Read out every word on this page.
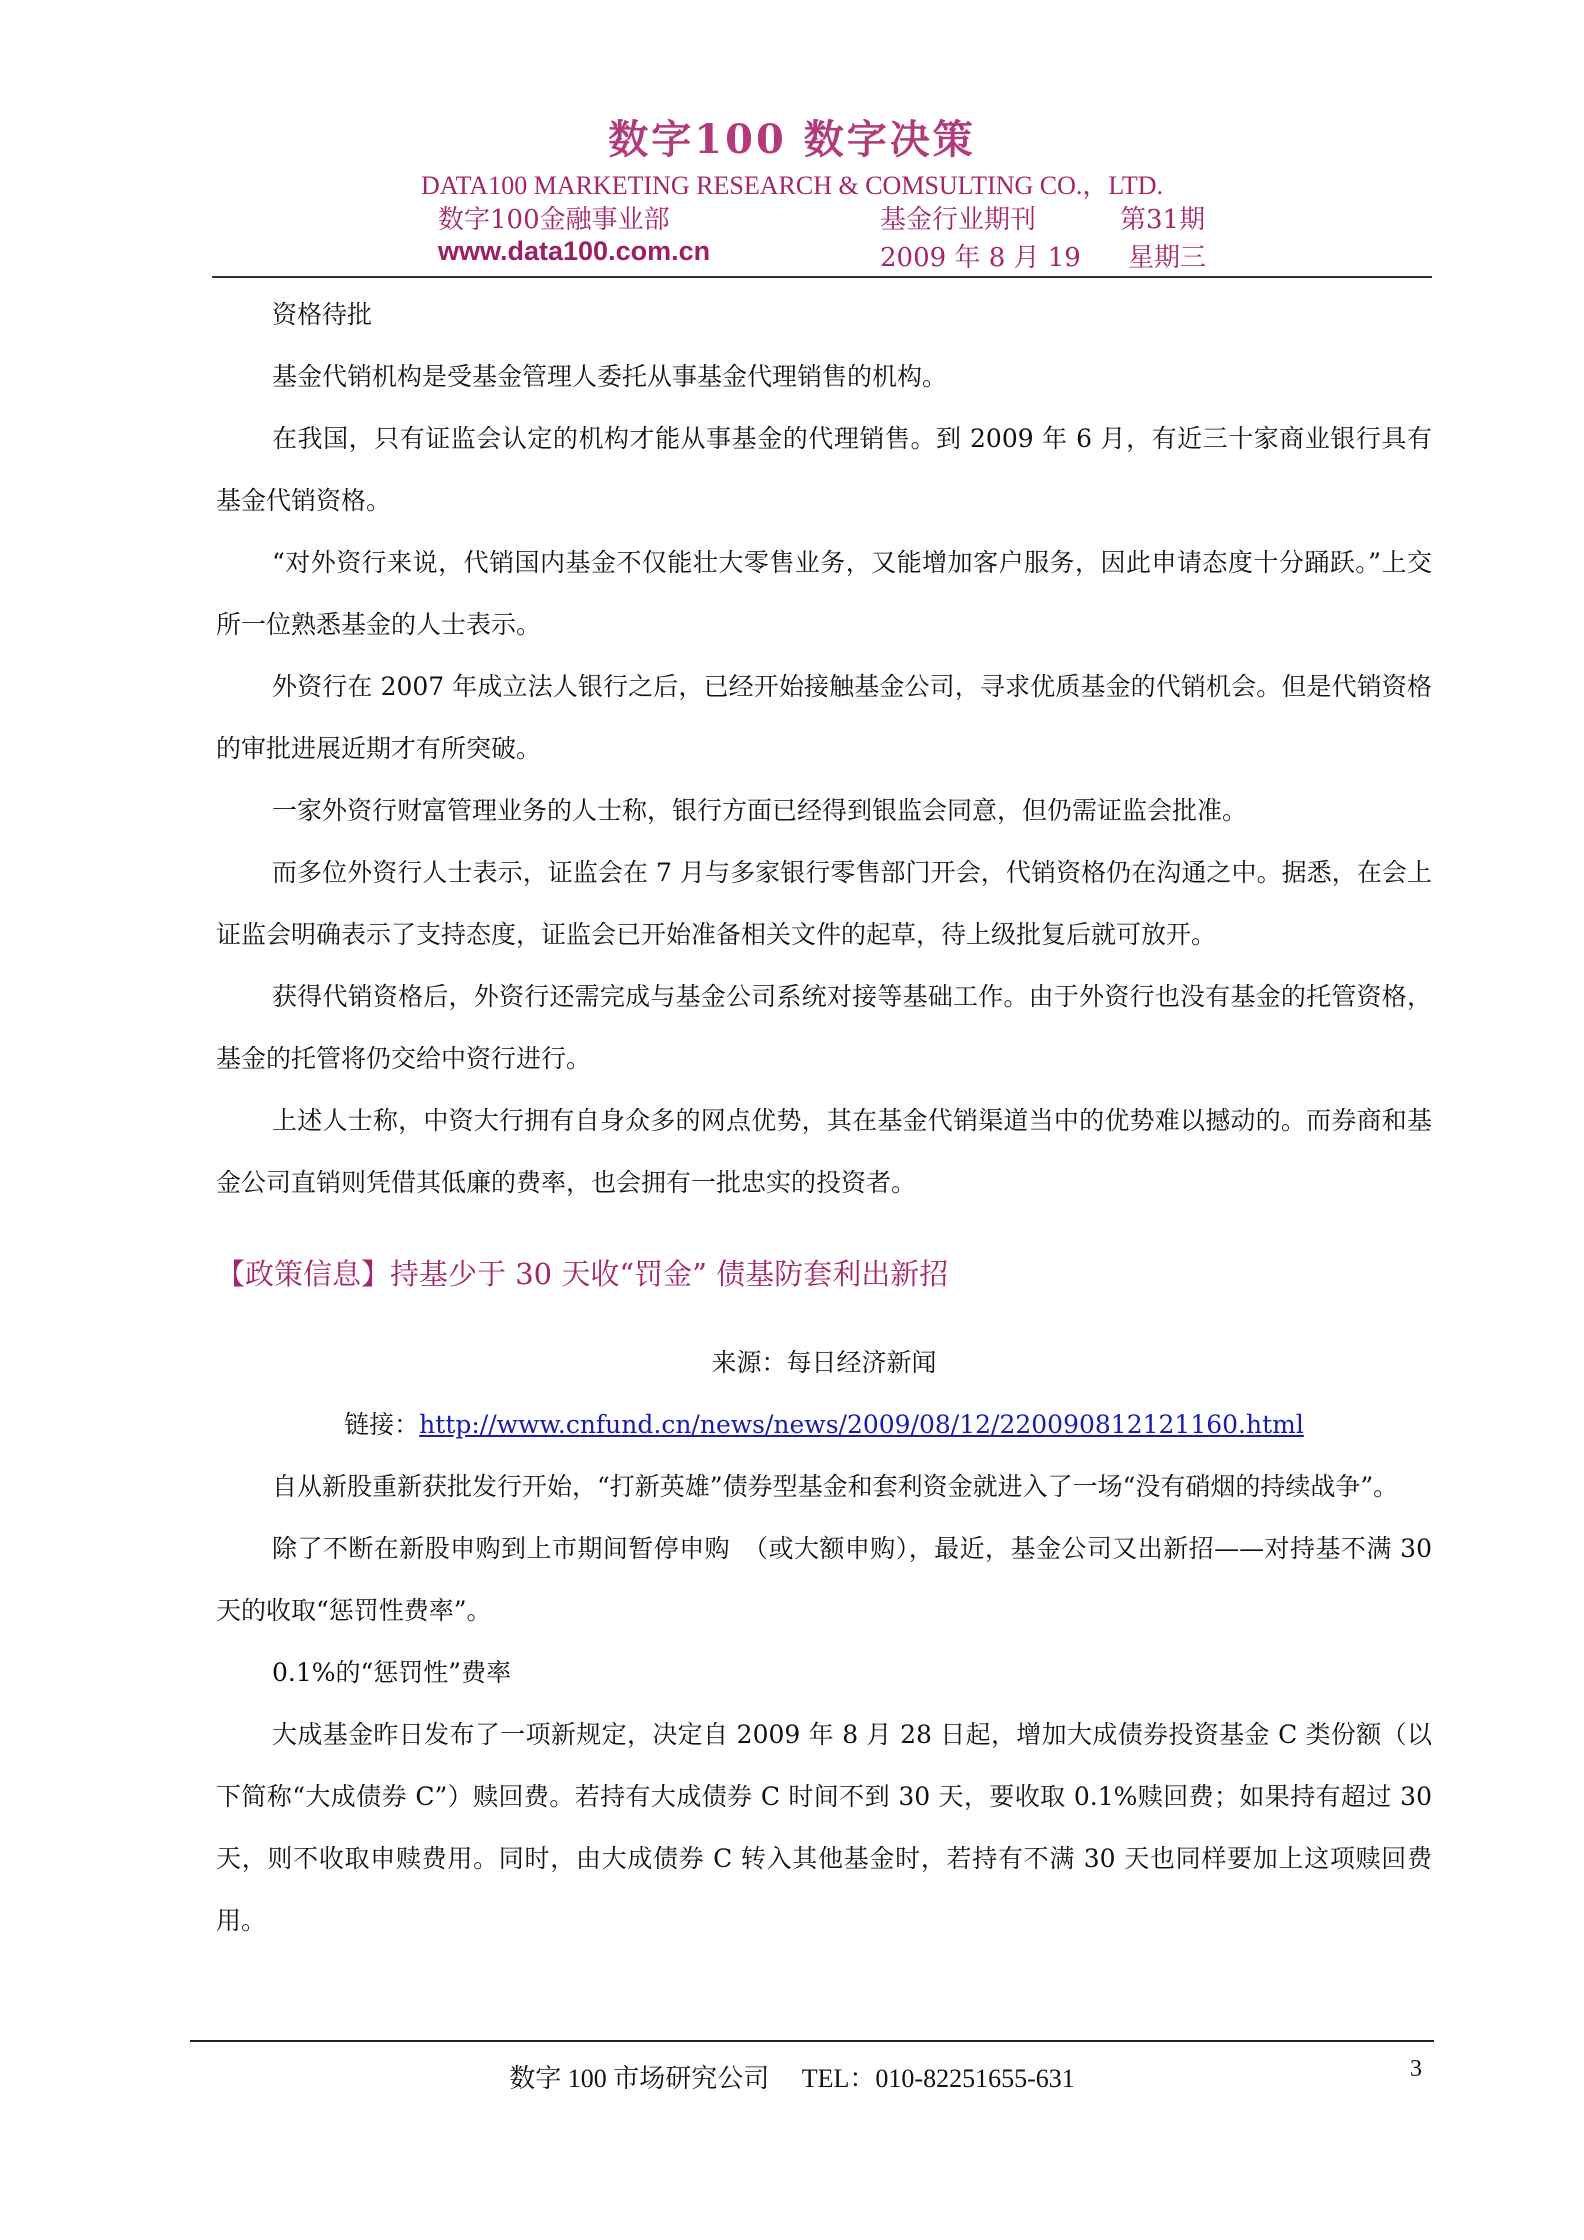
数字100 数字决策
DATA100 MARKETING RESEARCH & COMSULTING CO.，LTD.
数字100金融事业部	基金行业期刊	第31期
www.data100.com.cn	2009 年 8 月 19 星期三

资格待批

基金代销机构是受基金管理人委托从事基金代理销售的机构。

在我国，只有证监会认定的机构才能从事基金的代理销售。到 2009 年 6 月，有近三十家商业银行具有基金代销资格。

“对外资行来说，代销国内基金不仅能壮大零售业务，又能增加客户服务，因此申请态度十分踊跃。”上交所一位熟悉基金的人士表示。

外资行在 2007 年成立法人银行之后，已经开始接触基金公司，寻求优质基金的代销机会。但是代销资格的审批进展近期才有所突破。

一家外资行财富管理业务的人士称，银行方面已经得到银监会同意，但仍需证监会批准。

而多位外资行人士表示，证监会在 7 月与多家银行零售部门开会，代销资格仍在沟通之中。据悉，在会上证监会明确表示了支持态度，证监会已开始准备相关文件的起草，待上级批复后就可放开。

获得代销资格后，外资行还需完成与基金公司系统对接等基础工作。由于外资行也没有基金的托管资格，基金的托管将仍交给中资行进行。

上述人士称，中资大行拥有自身众多的网点优势，其在基金代销渠道当中的优势难以撼动的。而券商和基金公司直销则凭借其低廉的费率，也会拥有一批忠实的投资者。

【政策信息】持基少于 30 天收“罚金” 债基防套利出新招

来源：每日经济新闻

链接：http://www.cnfund.cn/news/news/2009/08/12/220090812121160.html

自从新股重新获批发行开始，“打新英雄”债券型基金和套利资金就进入了一场“没有硝烟的持续战争”。

除了不断在新股申购到上市期间暂停申购　（或大额申购），最近，基金公司又出新招——对持基不满 30 天的收取“惩罚性费率”。

0.1%的“惩罚性”费率

大成基金昨日发布了一项新规定，决定自 2009 年 8 月 28 日起，增加大成债券投资基金 C 类份额（以下简称“大成债券 C”）赎回费。若持有大成债券 C 时间不到 30 天，要收取 0.1%赎回费；如果持有超过 30 天，则不收取申赎费用。同时，由大成债券 C 转入其他基金时，若持有不满 30 天也同样要加上这项赎回费用。

数字 100 市场研究公司　 TEL：010-82251655-631	3
